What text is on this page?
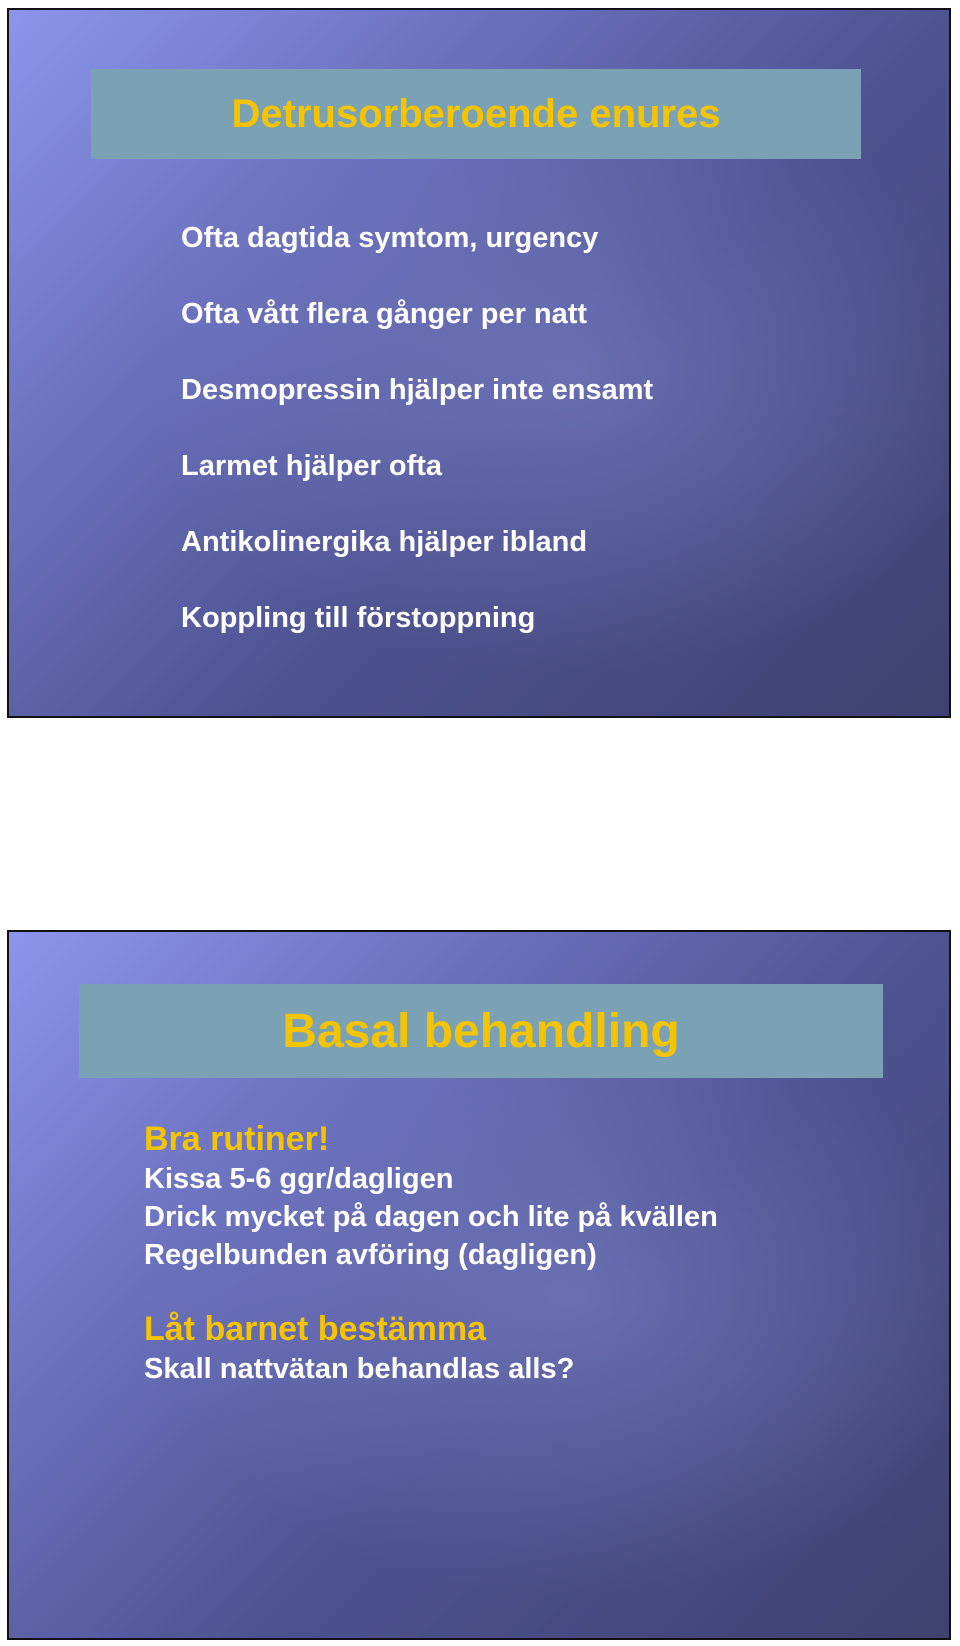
Detrusorberoende enures
Ofta dagtida symtom, urgency
Ofta vått flera gånger per natt
Desmopressin hjälper inte ensamt
Larmet hjälper ofta
Antikolinergika hjälper ibland
Koppling till förstoppning
Basal behandling
Bra rutiner!
Kissa 5-6 ggr/dagligen
Drick mycket på dagen och lite på kvällen
Regelbunden avföring (dagligen)
Låt barnet bestämma
Skall nattvätan behandlas alls?
